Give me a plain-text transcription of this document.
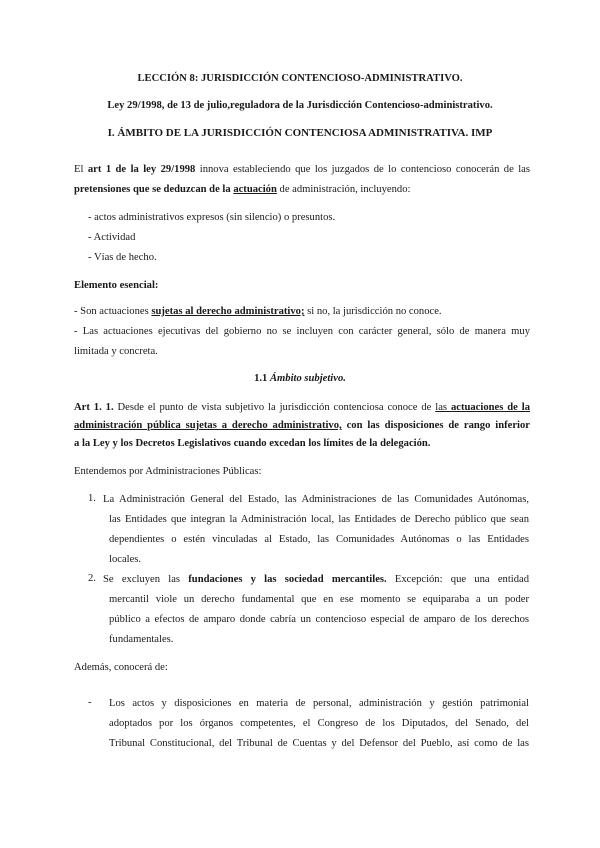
LECCIÓN 8: JURISDICCIÓN CONTENCIOSO-ADMINISTRATIVO.
Ley 29/1998, de 13 de julio,reguladora de la Jurisdicción Contencioso-administrativo.
I. ÁMBITO DE LA JURISDICCIÓN CONTENCIOSA ADMINISTRATIVA. IMP
El art 1 de la ley 29/1998 innova estableciendo que los juzgados de lo contencioso conocerán de las
pretensiones que se deduzcan de la actuación de administración, incluyendo:
- actos administrativos expresos (sin silencio) o presuntos.
- Actividad
- Vías de hecho.
Elemento esencial:
- Son actuaciones sujetas al derecho administrativo; si no, la jurisdicción no conoce.
- Las actuaciones ejecutivas del gobierno no se incluyen con carácter general, sólo de manera muy
limitada y concreta.
1.1 Ámbito subjetivo.
Art 1. 1. Desde el punto de vista subjetivo la jurisdicción contenciosa conoce de las actuaciones de la
administración pública sujetas a derecho administrativo, con las disposiciones de rango inferior
a la Ley y los Decretos Legislativos cuando excedan los límites de la delegación.
Entendemos por Administraciones Públicas:
1. La Administración General del Estado, las Administraciones de las Comunidades Autónomas,
las Entidades que integran la Administración local, las Entidades de Derecho público que sean
dependientes o estén vinculadas al Estado, las Comunidades Autónomas o las Entidades
locales.
2. Se excluyen las fundaciones y las sociedad mercantiles. Excepción: que una entidad
mercantil viole un derecho fundamental que en ese momento se equiparaba a un poder
público a efectos de amparo donde cabría un contencioso especial de amparo de los derechos
fundamentales.
Además, conocerá de:
- Los actos y disposiciones en materia de personal, administración y gestión patrimonial
adoptados por los órganos competentes, el Congreso de los Diputados, del Senado, del
Tribunal Constitucional, del Tribunal de Cuentas y del Defensor del Pueblo, así como de las
